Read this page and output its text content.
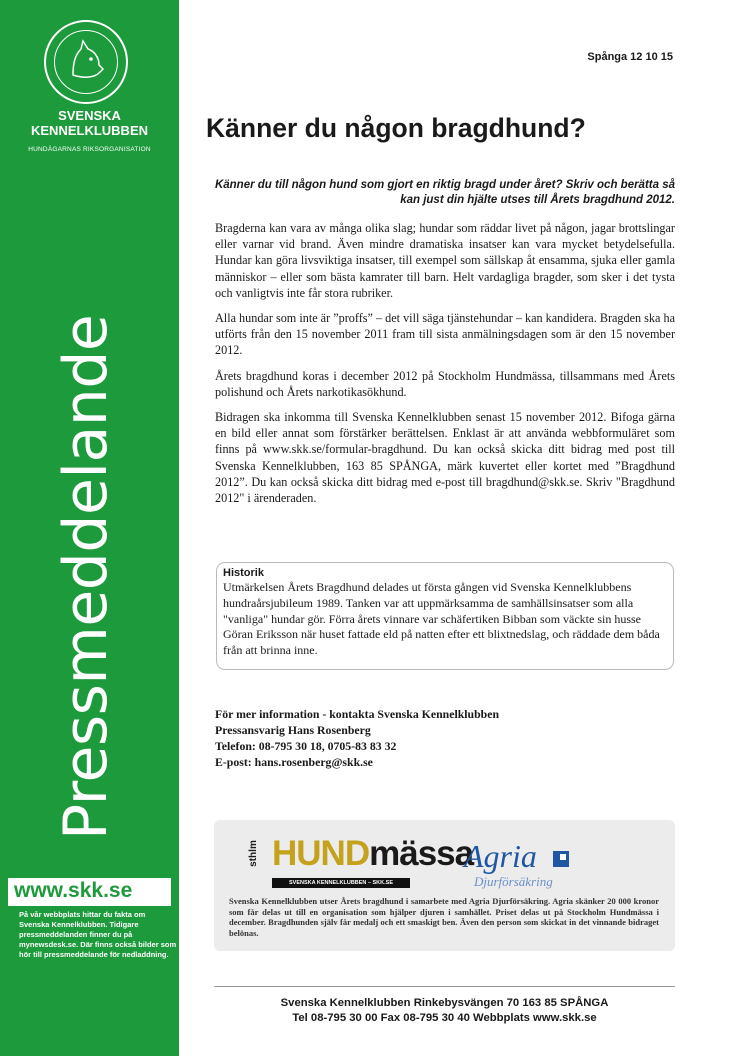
SVENSKA
KENNELKLUBBEN
HUNDÄGARNAS RIKSORGANISATION
Pressmeddelande
www.skk.se
På vår webbplats hittar du fakta om Svenska Kennelklubben. Tidigare pressmeddelanden finner du på mynewsdesk.se. Där finns också bilder som hör till pressmeddelande för nedladdning.
Spånga 12 10 15
Känner du någon bragdhund?
Känner du till någon hund som gjort en riktig bragd under året? Skriv och berätta så kan just din hjälte utses till Årets bragdhund 2012.

Bragderna kan vara av många olika slag; hundar som räddar livet på någon, jagar brottslingar eller varnar vid brand. Även mindre dramatiska insatser kan vara mycket betydelsefulla. Hundar kan göra livsviktiga insatser, till exempel som sällskap åt ensamma, sjuka eller gamla människor – eller som bästa kamrater till barn. Helt vardagliga bragder, som sker i det tysta och vanligtvis inte får stora rubriker.

Alla hundar som inte är ”proffs” – det vill säga tjänstehundar – kan kandidera. Bragden ska ha utförts från den 15 november 2011 fram till sista anmälningsdagen som är den 15 november 2012.

Årets bragdhund koras i december 2012 på Stockholm Hundmässa, tillsammans med Årets polishund och Årets narkotikasökhund.

Bidragen ska inkomma till Svenska Kennelklubben senast 15 november 2012. Bifoga gärna en bild eller annat som förstärker berättelsen. Enklast är att använda webbformuläret som finns på www.skk.se/formular-bragdhund. Du kan också skicka ditt bidrag med post till Svenska Kennelklubben, 163 85 SPÅNGA, märk kuvertet eller kortet med ”Bragdhund 2012”. Du kan också skicka ditt bidrag med e-post till bragdhund@skk.se. Skriv "Bragdhund 2012" i ärenderaden.

Historik
Utmärkelsen Årets Bragdhund delades ut första gången vid Svenska Kennelklubbens hundraårsjubileum 1989. Tanken var att uppmärksamma de samhällsinsatser som alla "vanliga" hundar gör. Förra årets vinnare var schäfertiken Bibban som väckte sin husse Göran Eriksson när huset fattade eld på natten efter ett blixtnedslag, och räddade dem båda från att brinna inne.
För mer information - kontakta Svenska Kennelklubben
Pressansvarig Hans Rosenberg
Telefon: 08-795 30 18, 0705-83 83 32
E-post: hans.rosenberg@skk.se
sthlm HUNDmässa
SVENSKA KENNELKLUBBEN – SKK.SE
Agria
Djurförsäkring
Svenska Kennelklubben utser Årets bragdhund i samarbete med Agria Djurförsäkring. Agria skänker 20 000 kronor som får delas ut till en organisation som hjälper djuren i samhället. Priset delas ut på Stockholm Hundmässa i december. Bragdhunden själv får medalj och ett smaskigt ben. Även den person som skickat in det vinnande bidraget belönas.
Svenska Kennelklubben Rinkebysvängen 70 163 85 SPÅNGA
Tel 08-795 30 00 Fax 08-795 30 40 Webbplats www.skk.se
